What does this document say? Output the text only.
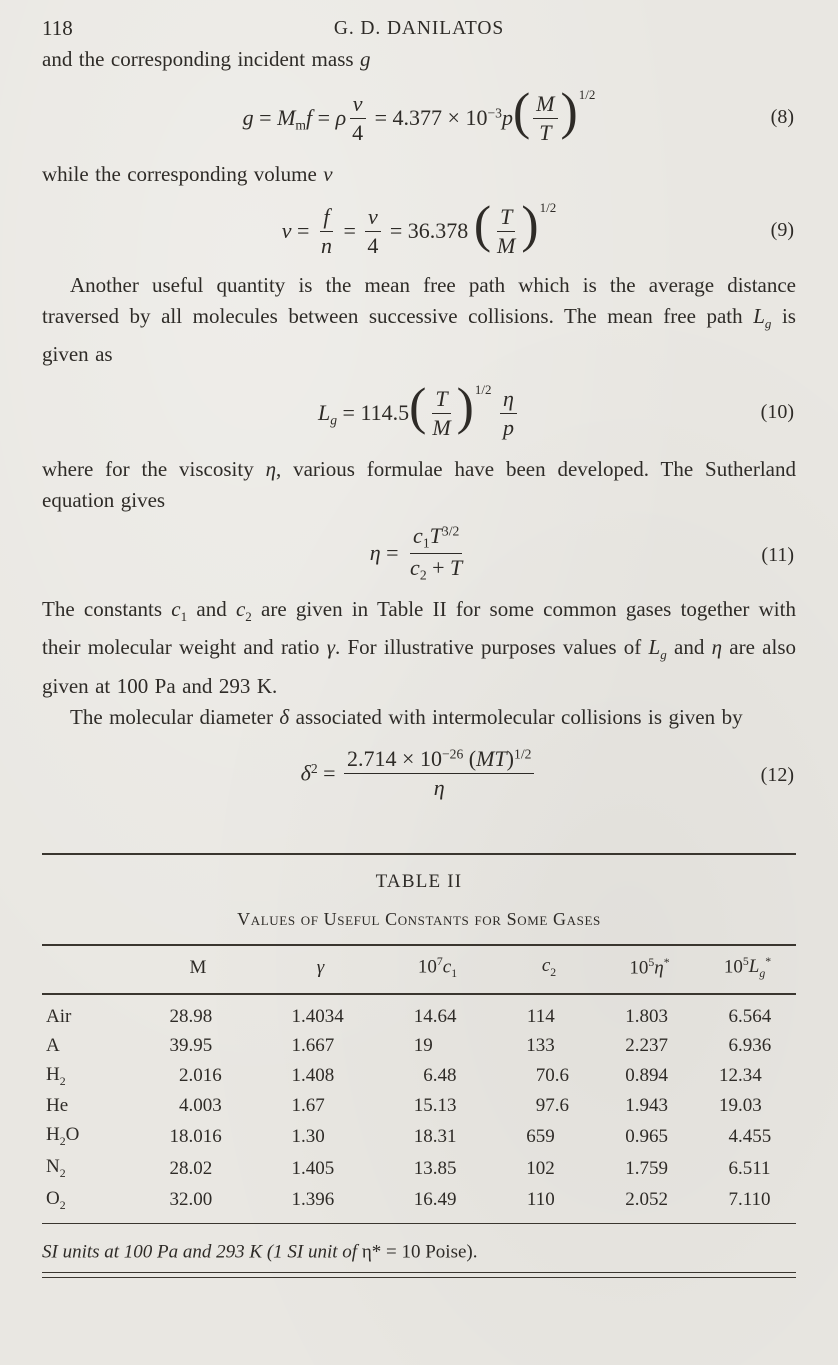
118	G. D. DANILATOS

and the corresponding incident mass g

g = Mmf = ρ $\frac{v}{4} = 4.377 \times 10^{-3}p( \frac{M}{T} )^{1/2}$
(8)

while the corresponding volume v

$v = \frac{f}{n} = \frac{v}{4} = 36.378$ ( $\frac{T}{M} )^{1/2}$
(9)

Another useful quantity is the mean free path which is the average distance traversed by all molecules between successive collisions. The mean free path $L_g$ is given as

$Lg = 114.5( \frac{T}{M} )^{1/2} \frac{\eta}{p}$	(10)

where for the viscosity η, various formulae have been developed. The Sutherland equation gives

$\eta = \frac{c1T^{3/2}}{c2 + T}$	(11)

The constants $c_1$ and $c_2$ are given in Table II for some common gases together with their molecular weight and ratio γ. For illustrative purposes values of $L_g$ and η are also given at 100 Pa and 293 K.

The molecular diameter δ associated with intermolecular collisions is given by

$\delta^2 = \frac{2.714 \times 10^{-26} (MT)^{1/2}}{\eta}$	(12)
TABLE II
Values of Useful Constants for Some Gases
	M	γ	$10^7c_1$	$c_2$	$10^5\eta^*$	$10^5L_g^*$
Air	28.98	1.4034	14.64	114	1.803	6.564
A	39.95	1.667	19	133	2.237	6.936
$H_2$	2.016	1.408	6.48	70.6	0.894	12.34
He	4.003	1.67	15.13	97.6	1.943	19.03
$H_2O$	18.016	1.30	18.31	659	0.965	4.455
$N_2$	28.02	1.405	13.85	102	1.759	6.511
$O_2$	32.00	1.396	16.49	110	2.052	7.110
SI units at 100 Pa and 293 K (1 SI unit of η* = 10 Poise).
